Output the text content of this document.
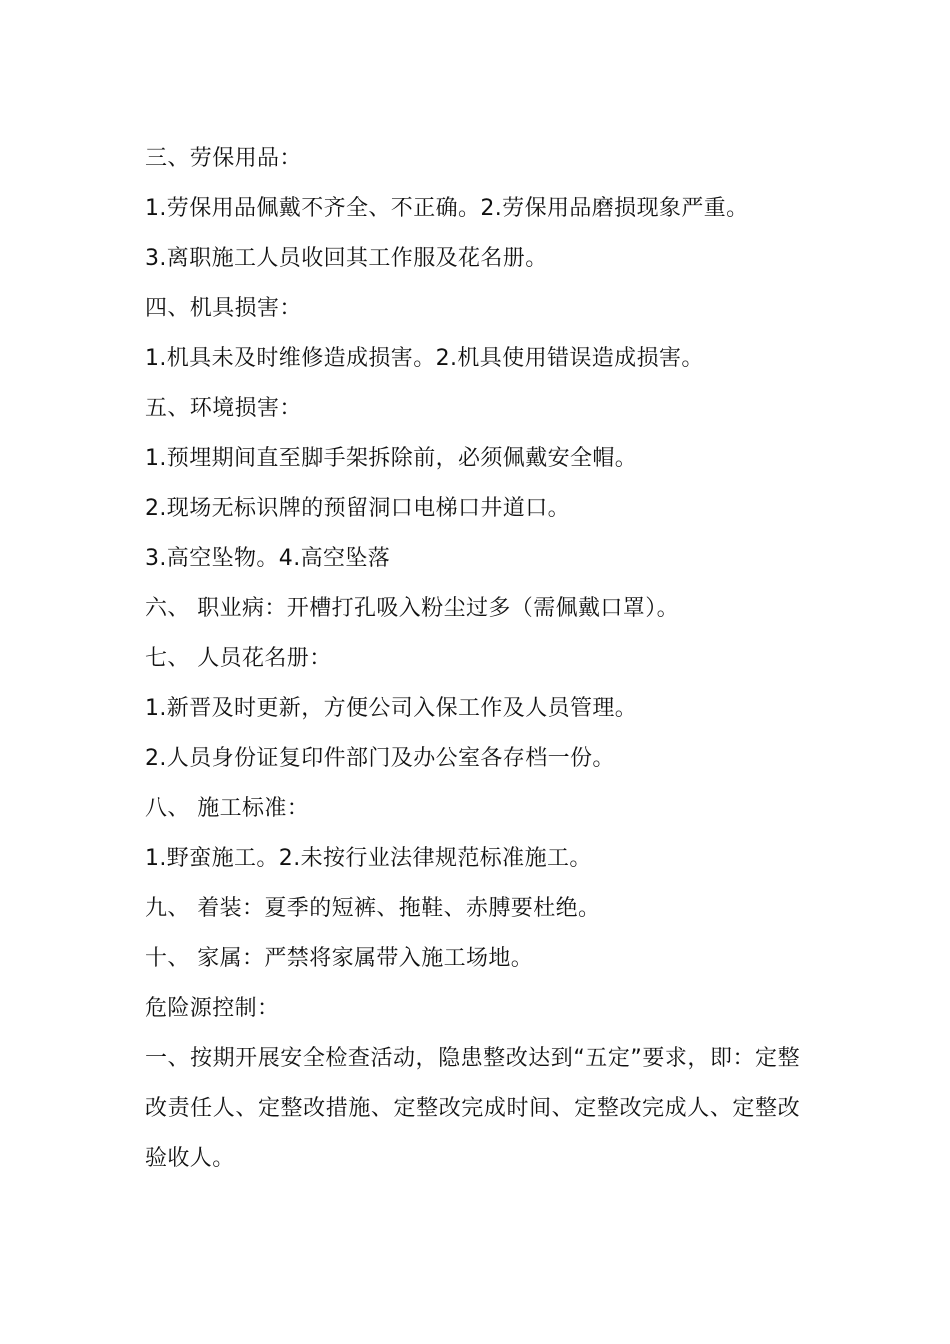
三、劳保用品：
1.劳保用品佩戴不齐全、不正确。2.劳保用品磨损现象严重。
3.离职施工人员收回其工作服及花名册。
四、机具损害：
1.机具未及时维修造成损害。2.机具使用错误造成损害。
五、环境损害：
1.预埋期间直至脚手架拆除前，必须佩戴安全帽。
2.现场无标识牌的预留洞口电梯口井道口。
3.高空坠物。4.高空坠落
六、 职业病：开槽打孔吸入粉尘过多（需佩戴口罩）。
七、 人员花名册：
1.新晋及时更新，方便公司入保工作及人员管理。
2.人员身份证复印件部门及办公室各存档一份。
八、 施工标准：
1.野蛮施工。2.未按行业法律规范标准施工。
九、 着装：夏季的短裤、拖鞋、赤膊要杜绝。
十、 家属：严禁将家属带入施工场地。
危险源控制：
一、按期开展安全检查活动，隐患整改达到“五定”要求，即：定整改责任人、定整改措施、定整改完成时间、定整改完成人、定整改验收人。
